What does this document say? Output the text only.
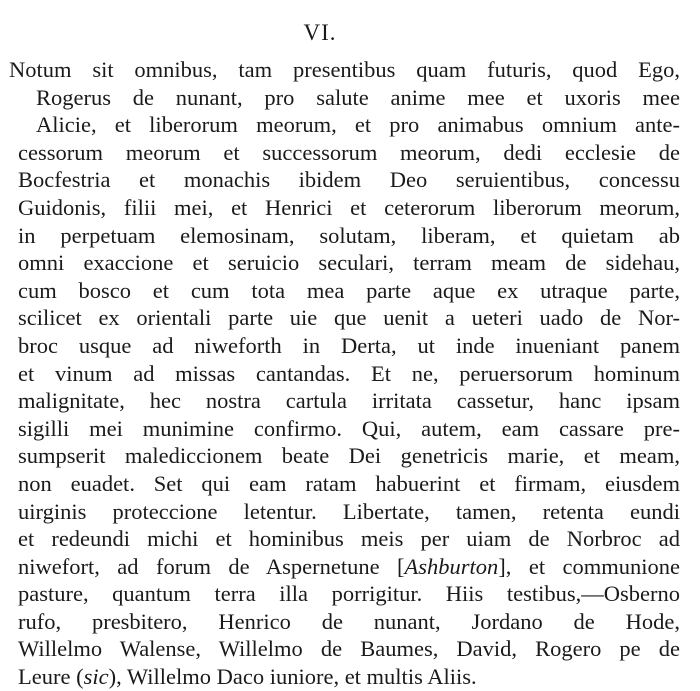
VI.
Notum sit omnibus, tam presentibus quam futuris, quod Ego,
Rogerus de nunant, pro salute anime mee et uxoris mee
Alicie, et liberorum meorum, et pro animabus omnium ante-
cessorum meorum et successorum meorum, dedi ecclesie de
Bocfestria et monachis ibidem Deo seruientibus, concessu
Guidonis, filii mei, et Henrici et ceterorum liberorum meorum,
in perpetuam elemosinam, solutam, liberam, et quietam ab
omni exaccione et seruicio seculari, terram meam de sidehau,
cum bosco et cum tota mea parte aque ex utraque parte,
scilicet ex orientali parte uie que uenit a ueteri uado de Nor-
broc usque ad niweforth in Derta, ut inde inueniant panem
et vinum ad missas cantandas. Et ne, peruersorum hominum
malignitate, hec nostra cartula irritata cassetur, hanc ipsam
sigilli mei munimine confirmo. Qui, autem, eam cassare pre-
sumpserit malediccionem beate Dei genetricis marie, et meam,
non euadet. Set qui eam ratam habuerint et firmam, eiusdem
uirginis proteccione letentur. Libertate, tamen, retenta eundi
et redeundi michi et hominibus meis per uiam de Norbroc ad
niwefort, ad forum de Aspernetune [Ashburton], et communione
pasture, quantum terra illa porrigitur. Hiis testibus,—Osberno
rufo, presbitero, Henrico de nunant, Jordano de Hode,
Willelmo Walense, Willelmo de Baumes, David, Rogero pe de
Leure (sic), Willelmo Daco iuniore, et multis Aliis.
